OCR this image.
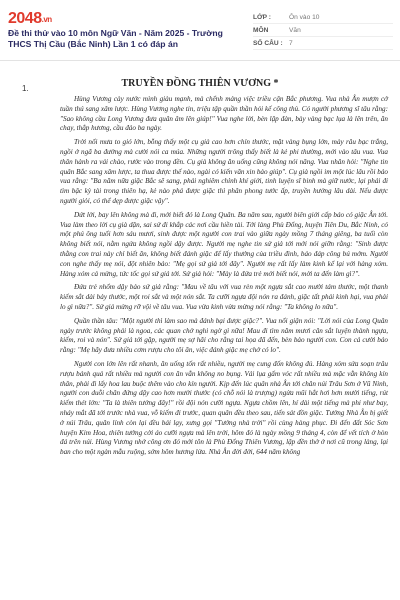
2048.vn
Đề thi thử vào 10 môn Ngữ Văn - Năm 2025 - Trường THCS Thị Cầu (Bắc Ninh) Lần 1 có đáp án
LỚP :	Ôn vào 10
MÔN	Văn
SỐ CÂU : 7
1.	TRUYỀN ĐỒNG THIÊN VƯƠNG *

Hùng Vương cày nước mình giàu mạnh, mà chểnh mảng việc triều cận Bắc phương. Vua nhà Ân mượn cớ tuần thú sang xâm lược. Hùng Vương nghe tin, triệu tập quần thần hỏi kế công thủ. Có người phương sĩ tâu rằng: "Sao không cầu Long Vương đưa quân âm lên giúp!" Vua nghe lời, bèn lập đàn, bày vàng bạc lụa là lên trên, ăn chay, thắp hương, cầu đảo ba ngày.

Trời nổi mưa to gió lớn, bỗng thấy một cụ già cao hơn chín thước, mặt vàng bụng lớn, mày râu bạc trắng, ngồi ở ngã ba đường mà cười nói ca múa. Những người trông thấy biết là kẻ phi thường, mới vào tâu vua. Vua thân hành ra vái chào, rước vào trong đền. Cụ già không ăn uống cũng không nói năng. Vua nhân hỏi: "Nghe tin quân Bắc sang xâm lược, ta thua được thế nào, ngài có kiến văn xin bảo giúp". Cụ già ngồi im một lúc lâu rồi bảo vua rằng: "Ba năm nữa giặc Bắc sẽ sang, phải nghiêm chỉnh khí giới, tinh luyện sĩ binh mà giữ nước, lại phải đi tìm bậc kỳ tài trong thiên hạ, kẻ nào phá được giặc thì phân phong tước ấp, truyền hưởng lâu dài. Nếu được người giỏi, có thể dẹp được giặc vậy".

Dứt lời, bay lên không mà đi, mới biết đó là Long Quân. Ba năm sau, người biên giới cấp báo có giặc Ân tới. Vua làm theo lời cụ già dặn, sai sứ đi khắp các nơi cầu hiền tài. Tới làng Phù Đổng, huyện Tiên Du, Bắc Ninh, có một phú ông tuổi hơn sáu mươi, sinh được một người con trai vào giữa ngày mồng 7 tháng giêng, ba tuổi còn không biết nói, nằm ngửa không ngồi dậy được. Người mẹ nghe tin sứ giả tới mới nói giỡn rằng: "Sinh được thằng con trai này chỉ biết ăn, không biết đánh giặc để lấy thưởng của triều đình, báo đáp công bú mớm. Người con nghe thấy mẹ nói, đột nhiên bảo: "Mẹ gọi sứ giả tới đây". Người mẹ rất lấy làm kinh kể lại với hàng xóm. Hàng xóm cả mừng, tức tốc gọi sứ giả tới. Sứ giả hỏi: "Mày là đứa trẻ mới biết nói, mời ta đến làm gì?".

Đứa trẻ nhổm dậy bảo sứ giả rằng: "Mau về tâu với vua rèn một ngựa sắt cao mười tám thước, một thanh kiếm sắt dài bảy thước, một roi sắt và một nón sắt. Ta cưỡi ngựa đội nón ra đánh, giặc tất phải kinh hại, vua phải lo gì nữa?". Sứ giả mừng rỡ vội về tâu vua. Vua vừa kinh vừa mừng nói rằng: "Ta không lo nữa".

Quần thần tâu: "Một người thì làm sao mà đánh bại được giặc?". Vua nổi giận nói: "Lời nói của Long Quân ngày trước không phải là ngoa, các quan chớ nghi ngờ gì nữa! Mau đi tìm năm mươi cân sắt luyện thành ngựa, kiếm, roi và nón". Sứ giả tới gặp, người mẹ sợ hãi cho rằng tai họa đã đến, bèn bảo người con. Con cả cười bảo rằng: "Mẹ hãy đưa nhiều cơm rượu cho tôi ăn, việc đánh giặc mẹ chớ có lo".

Người con lớn lên rất nhanh, ăn uống tốn rất nhiều, người mẹ cung đốn không đủ. Hàng xóm sửa soạn trâu rượu bánh quả rất nhiều mà người con ăn vẫn không no bụng. Vải lụa gấm vóc rất nhiều mà mặc vẫn không kín thân, phải đi lấy hoa lau buộc thêm vào cho kín người. Kịp đến lúc quân nhà Ân tới chân núi Trâu Sơn ở Vũ Ninh, người con duỗi chân đứng dậy cao hơn mười thước (có chỗ nói là trượng) ngửa mũi hắt hơi hơn mười tiếng, rút kiếm thét lớn: "Ta là thiên tướng đây!" rồi đội nón cưỡi ngựa. Ngựa chồm lên, hí dài một tiếng mà phi như bay, nháy mắt đã tới trước nhà vua, vỗ kiếm đi trước, quan quân đều theo sau, tiến sát đồn giặc. Tướng Nhà Ân bị giết ở núi Trâu, quân lính còn lại đều bái lạy, xưng gọi "Tướng nhà trời" rồi cùng hàng phục. Đi đến đất Sóc Sơn huyện Kim Hoa, thiên tướng cởi áo cưỡi ngựa mà lên trời, hôm đó là ngày mồng 9 tháng 4, còn để vết tích ở hòn đá trên núi. Hùng Vương nhớ công ơn đó mới tôn là Phù Đổng Thiên Vương, lập đền thờ ở nơi cũ trong làng, lại ban cho một ngàn mẫu ruộng, sớm hôm hương lửa. Nhà Ân đời đời, 644 năm không
